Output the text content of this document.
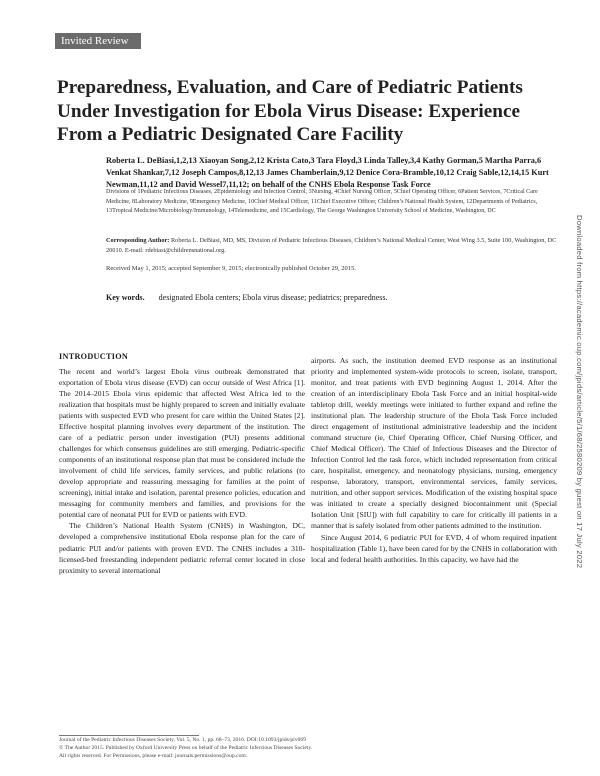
Invited Review
Preparedness, Evaluation, and Care of Pediatric Patients Under Investigation for Ebola Virus Disease: Experience From a Pediatric Designated Care Facility

Roberta L. DeBiasi,1,2,13 Xiaoyan Song,2,12 Krista Cato,3 Tara Floyd,3 Linda Talley,3,4 Kathy Gorman,5 Martha Parra,6 Venkat Shankar,7,12 Joseph Campos,8,12,13 James Chamberlain,9,12 Denice Cora-Bramble,10,12 Craig Sable,12,14,15 Kurt Newman,11,12 and David Wessel7,11,12; on behalf of the CNHS Ebola Response Task Force

Divisions of 1Pediatric Infectious Diseases, 2Epidemiology and Infection Control, 3Nursing, 4Chief Nursing Officer, 5Chief Operating Officer, 6Patient Services, 7Critical Care Medicine, 8Laboratory Medicine, 9Emergency Medicine, 10Chief Medical Officer, 11Chief Executive Officer, Children’s National Health System, 12Departments of Pediatrics, 13Tropical Medicine/Microbiology/Immunology, 14Telemedicine, and 15Cardiology, The George Washington University School of Medicine, Washington, DC

Corresponding Author: Roberta L. DeBiasi, MD, MS, Division of Pediatric Infectious Diseases, Children’s National Medical Center, West Wing 3.5, Suite 100, Washington, DC 20010. E-mail: rdebiasi@childrensnational.org.

Received May 1, 2015; accepted September 9, 2015; electronically published October 29, 2015.

Key words. designated Ebola centers; Ebola virus disease; pediatrics; preparedness.

INTRODUCTION

The recent and world’s largest Ebola virus outbreak demonstrated that exportation of Ebola virus disease (EVD) can occur outside of West Africa [1]. The 2014–2015 Ebola virus epidemic that affected West Africa led to the realization that hospitals must be highly prepared to screen and initially evaluate patients with suspected EVD who present for care within the United States [2]. Effective hospital planning involves every department of the institution. The care of a pediatric person under investigation (PUI) presents additional challenges for which consensus guidelines are still emerging. Pediatric-specific components of an institutional response plan that must be considered include the involvement of child life services, family services, and public relations (to develop appropriate and reassuring messaging for families at the point of screening), initial intake and isolation, parental presence policies, education and messaging for community members and families, and provisions for the potential care of neonatal PUI for EVD or patients with EVD.

The Children’s National Health System (CNHS) in Washington, DC, developed a comprehensive institutional Ebola response plan for the care of pediatric PUI and/or patients with proven EVD. The CNHS includes a 310-licensed-bed freestanding independent pediatric referral center located in close proximity to several international

airports. As such, the institution deemed EVD response as an institutional priority and implemented system-wide protocols to screen, isolate, transport, monitor, and treat patients with EVD beginning August 1, 2014. After the creation of an interdisciplinary Ebola Task Force and an initial hospital-wide tabletop drill, weekly meetings were initiated to further expand and refine the institutional plan. The leadership structure of the Ebola Task Force included direct engagement of institutional administrative leadership and the incident command structure (ie, Chief Operating Officer, Chief Nursing Officer, and Chief Medical Officer). The Chief of Infectious Diseases and the Director of Infection Control led the task force, which included representation from critical care, hospitalist, emergency, and neonatology physicians, nursing, emergency response, laboratory, transport, environmental services, family services, nutrition, and other support services. Modification of the existing hospital space was initiated to create a specially designed biocontainment unit (Special Isolation Unit [SIU]) with full capability to care for critically ill patients in a manner that is safely isolated from other patients admitted to the institution.

Since August 2014, 6 pediatric PUI for EVD, 4 of whom required inpatient hospitalization (Table 1), have been cared for by the CNHS in collaboration with local and federal health authorities. In this capacity, we have had the

Journal of the Pediatric Infectious Diseases Society, Vol. 5, No. 1, pp. 68–73, 2016. DOI:10.1093/jpids/piv069
© The Author 2015. Published by Oxford University Press on behalf of the Pediatric Infectious Diseases Society.
All rights reserved. For Permissions, please e-mail: journals.permissions@oup.com.
Downloaded from https://academic.oup.com/jpids/article/5/1/68/2580209 by guest on 17 July 2022
